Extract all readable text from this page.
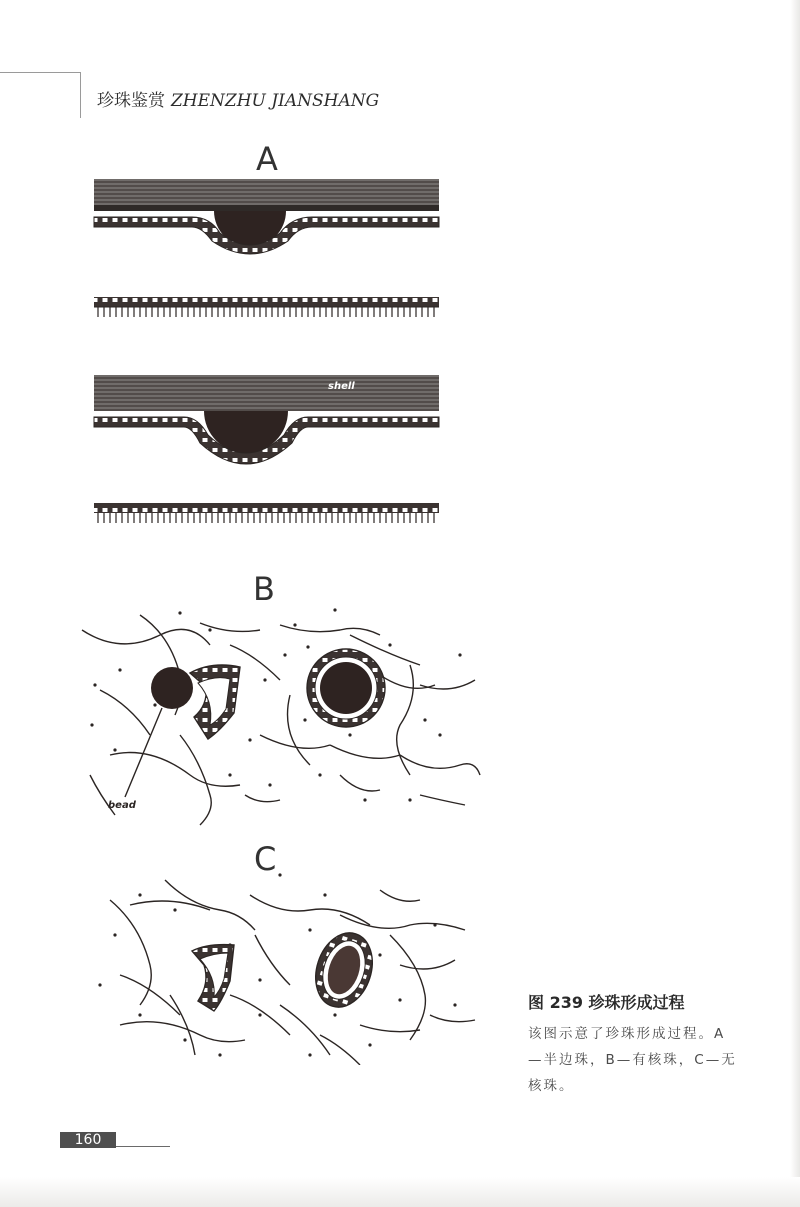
珍珠鉴赏 ZHENZHU JIANSHANG
A
shell
B
bead
C
图 239 珍珠形成过程
该图示意了珍珠形成过程。A—半边珠，B—有核珠，C—无核珠。
160
